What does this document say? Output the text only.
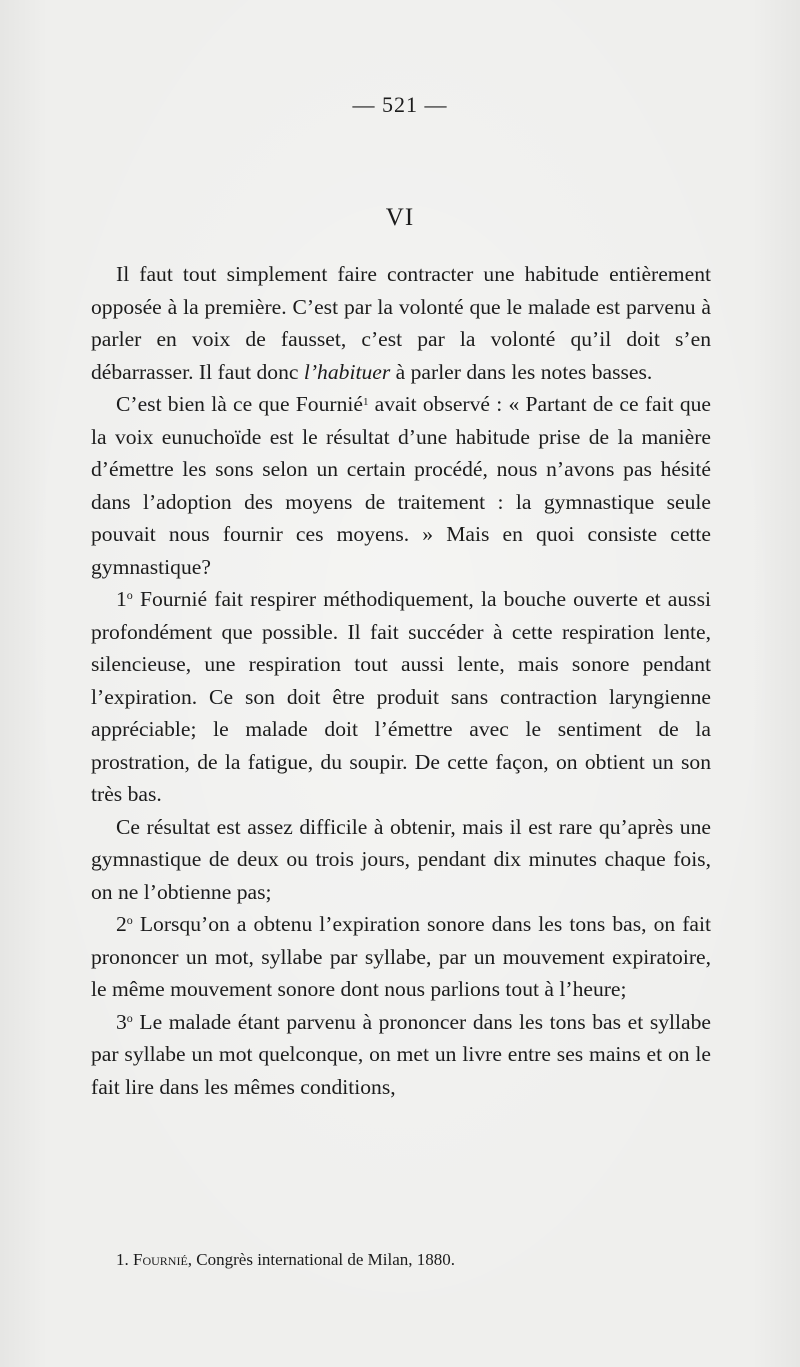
— 521 —
VI

Il faut tout simplement faire contracter une habitude entièrement opposée à la première. C’est par la volonté que le malade est parvenu à parler en voix de fausset, c’est par la volonté qu’il doit s’en débarrasser. Il faut donc l’habituer à parler dans les notes basses.

C’est bien là ce que Fournié$^1$ avait observé : « Partant de ce fait que la voix eunuchoïde est le résultat d’une habitude prise de la manière d’émettre les sons selon un certain procédé, nous n’avons pas hésité dans l’adoption des moyens de traitement : la gymnastique seule pouvait nous fournir ces moyens. » Mais en quoi consiste cette gymnastique?

1$^o$ Fournié fait respirer méthodiquement, la bouche ouverte et aussi profondément que possible. Il fait succéder à cette respiration lente, silencieuse, une respiration tout aussi lente, mais sonore pendant l’expiration. Ce son doit être produit sans contraction laryngienne appréciable; le malade doit l’émettre avec le sentiment de la prostration, de la fatigue, du soupir. De cette façon, on obtient un son très bas.

Ce résultat est assez difficile à obtenir, mais il est rare qu’après une gymnastique de deux ou trois jours, pendant dix minutes chaque fois, on ne l’obtienne pas;

2$^o$ Lorsqu’on a obtenu l’expiration sonore dans les tons bas, on fait prononcer un mot, syllabe par syllabe, par un mouvement expiratoire, le même mouvement sonore dont nous parlions tout à l’heure;

3$^o$ Le malade étant parvenu à prononcer dans les tons bas et syllabe par syllabe un mot quelconque, on met un livre entre ses mains et on le fait lire dans les mêmes conditions,

1. Fournié, Congrès international de Milan, 1880.
